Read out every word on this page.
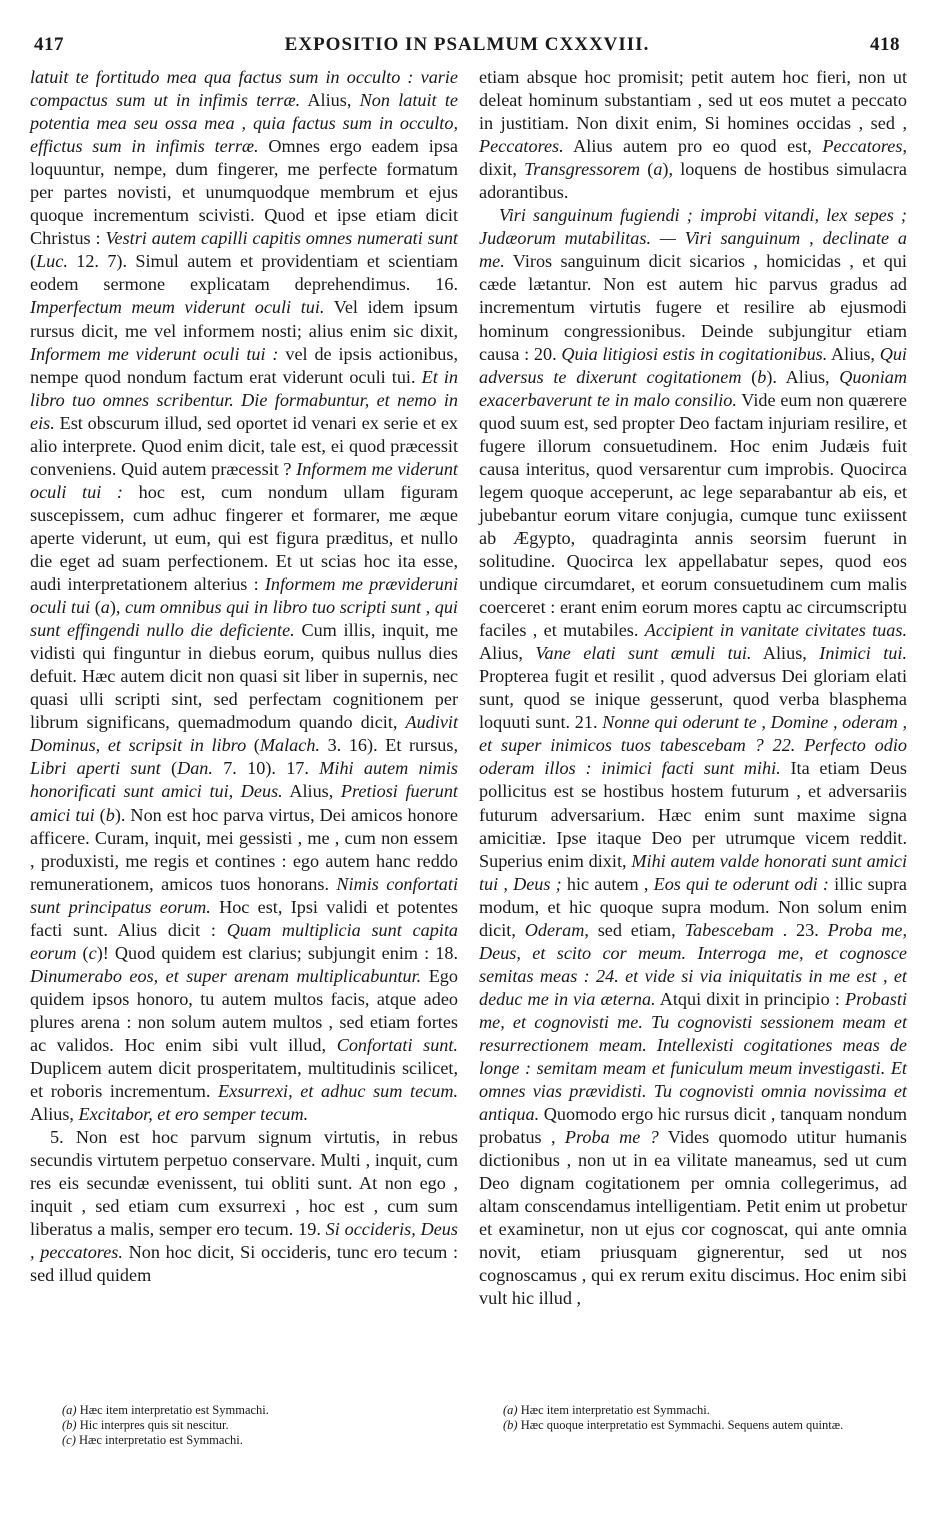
417	EXPOSITIO IN PSALMUM CXXXVIII.	418

latuit te fortitudo mea qua factus sum in occulto : varie compactus sum ut in infimis terræ. Alius, Non latuit te potentia mea seu ossa mea , quia factus sum in occulto, effictus sum in infimis terræ. Omnes ergo eadem ipsa loquuntur, nempe, dum fingerer, me perfecte formatum per partes novisti, et unumquodque membrum et ejus quoque incrementum scivisti. Quod et ipse etiam dicit Christus : Vestri autem capilli capitis omnes numerati sunt (Luc. 12. 7). Simul autem et providentiam et scientiam eodem sermone explicatam deprehendimus. 16. Imperfectum meum viderunt oculi tui. Vel idem ipsum rursus dicit, me vel informem nosti; alius enim sic dixit, Informem me viderunt oculi tui : vel de ipsis actionibus, nempe quod nondum factum erat viderunt oculi tui. Et in libro tuo omnes scribentur. Die formabuntur, et nemo in eis. Est obscurum illud, sed oportet id venari ex serie et ex alio interprete. Quod enim dicit, tale est, ei quod præcessit conveniens. Quid autem præcessit ? Informem me viderunt oculi tui : hoc est, cum nondum ullam figuram suscepissem, cum adhuc fingerer et formarer, me æque aperte viderunt, ut eum, qui est figura præditus, et nullo die eget ad suam perfectionem. Et ut scias hoc ita esse, audi interpretationem alterius : Informem me prævideruni oculi tui (a), cum omnibus qui in libro tuo scripti sunt , qui sunt effingendi nullo die deficiente. Cum illis, inquit, me vidisti qui finguntur in diebus eorum, quibus nullus dies defuit. Hæc autem dicit non quasi sit liber in supernis, nec quasi ulli scripti sint, sed perfectam cognitionem per librum significans, quemadmodum quando dicit, Audivit Dominus, et scripsit in libro (Malach. 3. 16). Et rursus, Libri aperti sunt (Dan. 7. 10). 17. Mihi autem nimis honorificati sunt amici tui, Deus. Alius, Pretiosi fuerunt amici tui (b). Non est hoc parva virtus, Dei amicos honore afficere. Curam, inquit, mei gessisti , me , cum non essem , produxisti, me regis et contines : ego autem hanc reddo remunerationem, amicos tuos honorans. Nimis confortati sunt principatus eorum. Hoc est, Ipsi validi et potentes facti sunt. Alius dicit : Quam multiplicia sunt capita eorum (c)! Quod quidem est clarius; subjungit enim : 18. Dinumerabo eos, et super arenam multiplicabuntur. Ego quidem ipsos honoro, tu autem multos facis, atque adeo plures arena : non solum autem multos , sed etiam fortes ac validos. Hoc enim sibi vult illud, Confortati sunt. Duplicem autem dicit prosperitatem, multitudinis scilicet, et roboris incrementum. Exsurrexi, et adhuc sum tecum. Alius, Excitabor, et ero semper tecum.

5. Non est hoc parvum signum virtutis, in rebus secundis virtutem perpetuo conservare. Multi , inquit, cum res eis secundæ evenissent, tui obliti sunt. At non ego , inquit , sed etiam cum exsurrexi , hoc est , cum sum liberatus a malis, semper ero tecum. 19. Si occideris, Deus , peccatores. Non hoc dicit, Si occideris, tunc ero tecum : sed illud quidem

etiam absque hoc promisit; petit autem hoc fieri, non ut deleat hominum substantiam , sed ut eos mutet a peccato in justitiam. Non dixit enim, Si homines occidas , sed , Peccatores. Alius autem pro eo quod est, Peccatores, dixit, Transgressorem (a), loquens de hostibus simulacra adorantibus.

Viri sanguinum fugiendi ; improbi vitandi, lex sepes ; Judæorum mutabilitas. — Viri sanguinum , declinate a me. Viros sanguinum dicit sicarios , homicidas , et qui cæde lætantur. Non est autem hic parvus gradus ad incrementum virtutis fugere et resilire ab ejusmodi hominum congressionibus. Deinde subjungitur etiam causa : 20. Quia litigiosi estis in cogitationibus. Alius, Qui adversus te dixerunt cogitationem (b). Alius, Quoniam exacerbaverunt te in malo consilio. Vide eum non quærere quod suum est, sed propter Deo factam injuriam resilire, et fugere illorum consuetudinem. Hoc enim Judæis fuit causa interitus, quod versarentur cum improbis. Quocirca legem quoque acceperunt, ac lege separabantur ab eis, et jubebantur eorum vitare conjugia, cumque tunc exiissent ab Ægypto, quadraginta annis seorsim fuerunt in solitudine. Quocirca lex appellabatur sepes, quod eos undique circumdaret, et eorum consuetudinem cum malis coerceret : erant enim eorum mores captu ac circumscriptu faciles , et mutabiles. Accipient in vanitate civitates tuas. Alius, Vane elati sunt æmuli tui. Alius, Inimici tui. Propterea fugit et resilit , quod adversus Dei gloriam elati sunt, quod se inique gesserunt, quod verba blasphema loquuti sunt. 21. Nonne qui oderunt te , Domine , oderam , et super inimicos tuos tabescebam ? 22. Perfecto odio oderam illos : inimici facti sunt mihi. Ita etiam Deus pollicitus est se hostibus hostem futurum , et adversariis futurum adversarium. Hæc enim sunt maxime signa amicitiæ. Ipse itaque Deo per utrumque vicem reddit. Superius enim dixit, Mihi autem valde honorati sunt amici tui , Deus ; hic autem , Eos qui te oderunt odi : illic supra modum, et hic quoque supra modum. Non solum enim dicit, Oderam, sed etiam, Tabescebam . 23. Proba me, Deus, et scito cor meum. Interroga me, et cognosce semitas meas : 24. et vide si via iniquitatis in me est , et deduc me in via æterna. Atqui dixit in principio : Probasti me, et cognovisti me. Tu cognovisti sessionem meam et resurrectionem meam. Intellexisti cogitationes meas de longe : semitam meam et funiculum meum investigasti. Et omnes vias prævidisti. Tu cognovisti omnia novissima et antiqua. Quomodo ergo hic rursus dicit , tanquam nondum probatus , Proba me ? Vides quomodo utitur humanis dictionibus , non ut in ea vilitate maneamus, sed ut cum Deo dignam cogitationem per omnia collegerimus, ad altam conscendamus intelligentiam. Petit enim ut probetur et examinetur, non ut ejus cor cognoscat, qui ante omnia novit, etiam priusquam gignerentur, sed ut nos cognoscamus , qui ex rerum exitu discimus. Hoc enim sibi vult hic illud ,

(a) Hæc item interpretatio est Symmachi.
(b) Hic interpres quis sit nescitur.
(c) Hæc interpretatio est Symmachi.
(a) Hæc item interpretatio est Symmachi.
(b) Hæc quoque interpretatio est Symmachi. Sequens autem quintæ.
